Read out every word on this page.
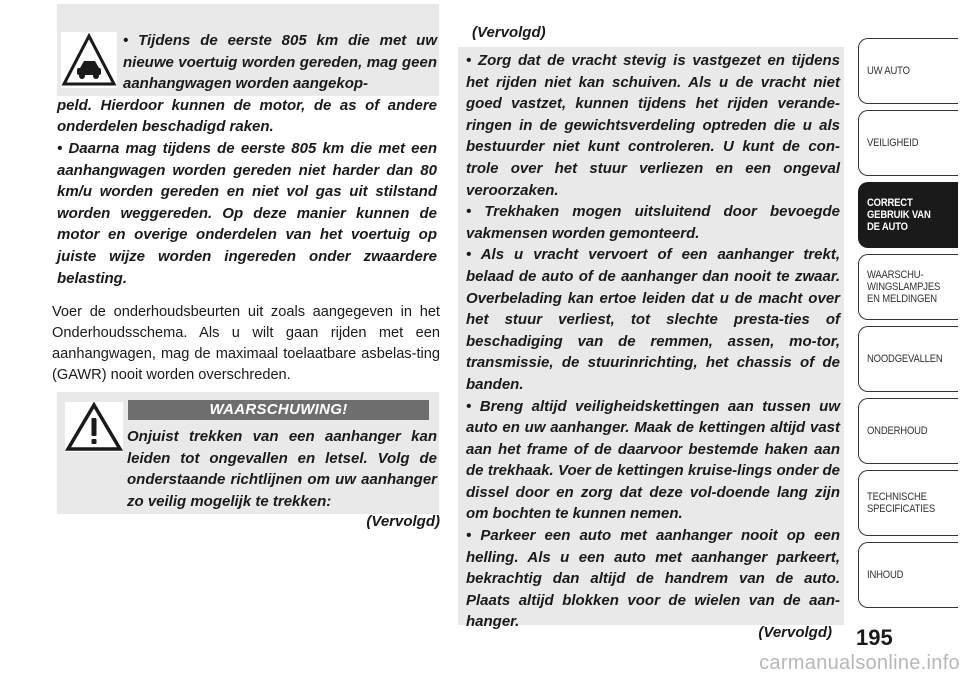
• Tijdens de eerste 805 km die met uw nieuwe voertuig worden gereden, mag geen aanhangwagen worden aangekop-

peld. Hierdoor kunnen de motor, de as of andere onderdelen beschadigd raken.

• Daarna mag tijdens de eerste 805 km die met een aanhangwagen worden gereden niet harder dan 80 km/u worden gereden en niet vol gas uit stilstand worden weggereden. Op deze manier kunnen de motor en overige onderdelen van het voertuig op juiste wijze worden ingereden onder zwaardere belasting.

Voer de onderhoudsbeurten uit zoals aangegeven in het Onderhoudsschema. Als u wilt gaan rijden met een aanhangwagen, mag de maximaal toelaatbare asbelas-ting (GAWR) nooit worden overschreden.

WAARSCHUWING!

Onjuist trekken van een aanhanger kan leiden tot ongevallen en letsel. Volg de onderstaande richtlijnen om uw aanhanger zo veilig mogelijk te trekken:

(Vervolgd)
(Vervolgd)

• Zorg dat de vracht stevig is vastgezet en tijdens het rijden niet kan schuiven. Als u de vracht niet goed vastzet, kunnen tijdens het rijden verande-ringen in de gewichtsverdeling optreden die u als bestuurder niet kunt controleren. U kunt de con-trole over het stuur verliezen en een ongeval veroorzaken.

• Trekhaken mogen uitsluitend door bevoegde vakmensen worden gemonteerd.

• Als u vracht vervoert of een aanhanger trekt, belaad de auto of de aanhanger dan nooit te zwaar. Overbelading kan ertoe leiden dat u de macht over het stuur verliest, tot slechte presta-ties of beschadiging van de remmen, assen, mo-tor, transmissie, de stuurinrichting, het chassis of de banden.

• Breng altijd veiligheidskettingen aan tussen uw auto en uw aanhanger. Maak de kettingen altijd vast aan het frame of de daarvoor bestemde haken aan de trekhaak. Voer de kettingen kruise-lings onder de dissel door en zorg dat deze vol-doende lang zijn om bochten te kunnen nemen.

• Parkeer een auto met aanhanger nooit op een helling. Als u een auto met aanhanger parkeert, bekrachtig dan altijd de handrem van de auto. Plaats altijd blokken voor de wielen van de aan-hanger.

(Vervolgd) 195
UW AUTO
VEILIGHEID
CORRECT GEBRUIK VAN DE AUTO
WAARSCHU-WINGSLAMPJES EN MELDINGEN
NOODGEVALLEN
ONDERHOUD
TECHNISCHE SPECIFICATIES
INHOUD
carmanualsonline.info
